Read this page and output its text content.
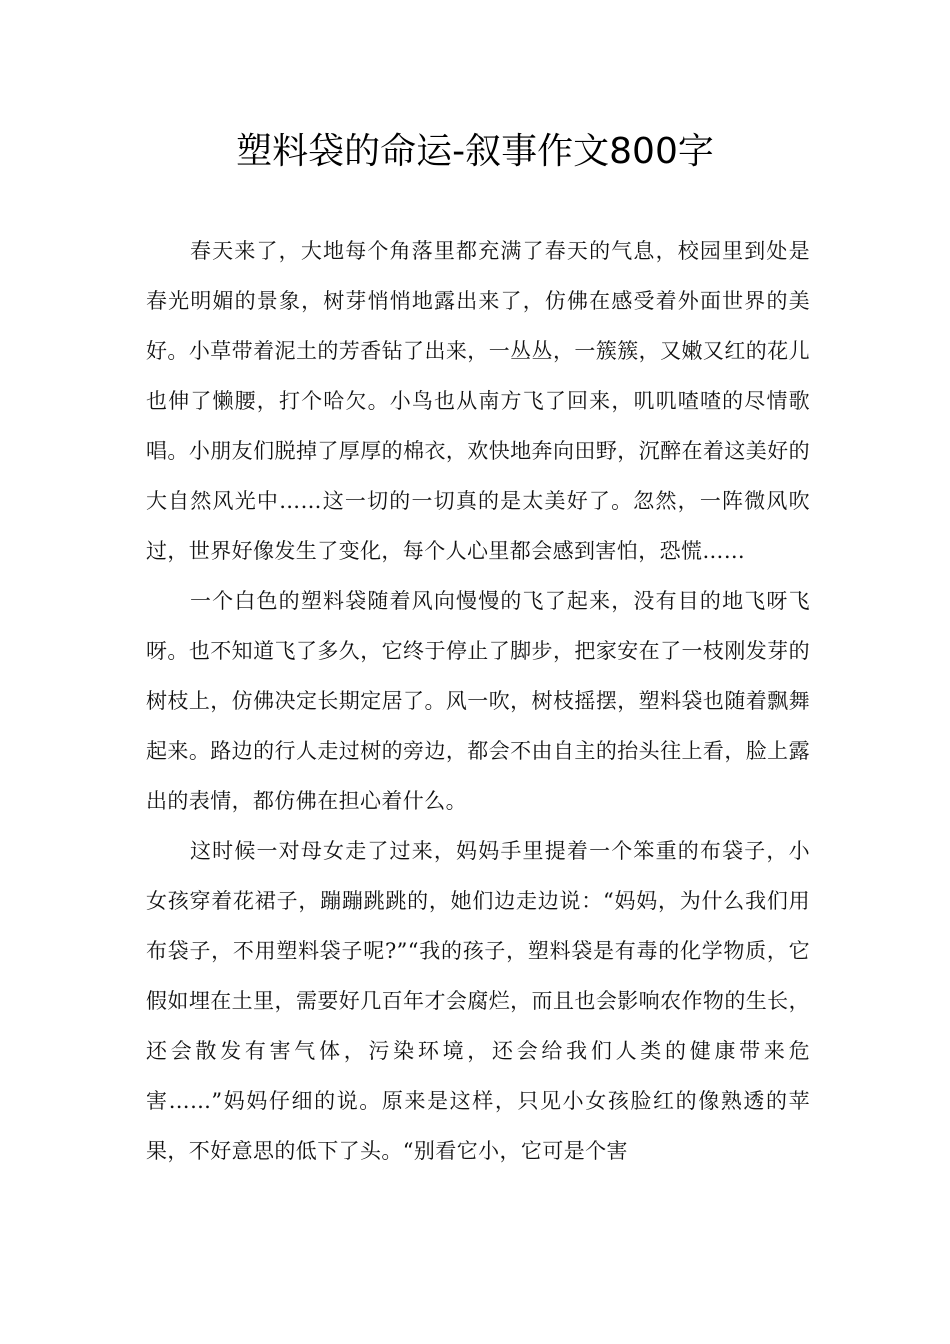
塑料袋的命运-叙事作文800字

春天来了，大地每个角落里都充满了春天的气息，校园里到处是春光明媚的景象，树芽悄悄地露出来了，仿佛在感受着外面世界的美好。小草带着泥土的芳香钻了出来，一丛丛，一簇簇，又嫩又红的花儿也伸了懒腰，打个哈欠。小鸟也从南方飞了回来，叽叽喳喳的尽情歌唱。小朋友们脱掉了厚厚的棉衣，欢快地奔向田野，沉醉在着这美好的大自然风光中……这一切的一切真的是太美好了。忽然，一阵微风吹过，世界好像发生了变化，每个人心里都会感到害怕，恐慌……

一个白色的塑料袋随着风向慢慢的飞了起来，没有目的地飞呀飞呀。也不知道飞了多久，它终于停止了脚步，把家安在了一枝刚发芽的树枝上，仿佛决定长期定居了。风一吹，树枝摇摆，塑料袋也随着飘舞起来。路边的行人走过树的旁边，都会不由自主的抬头往上看，脸上露出的表情，都仿佛在担心着什么。

这时候一对母女走了过来，妈妈手里提着一个笨重的布袋子，小女孩穿着花裙子，蹦蹦跳跳的，她们边走边说：“妈妈，为什么我们用布袋子，不用塑料袋子呢?”“我的孩子，塑料袋是有毒的化学物质，它假如埋在土里，需要好几百年才会腐烂，而且也会影响农作物的生长，还会散发有害气体，污染环境，还会给我们人类的健康带来危害……”妈妈仔细的说。原来是这样，只见小女孩脸红的像熟透的苹果，不好意思的低下了头。“别看它小，它可是个害
